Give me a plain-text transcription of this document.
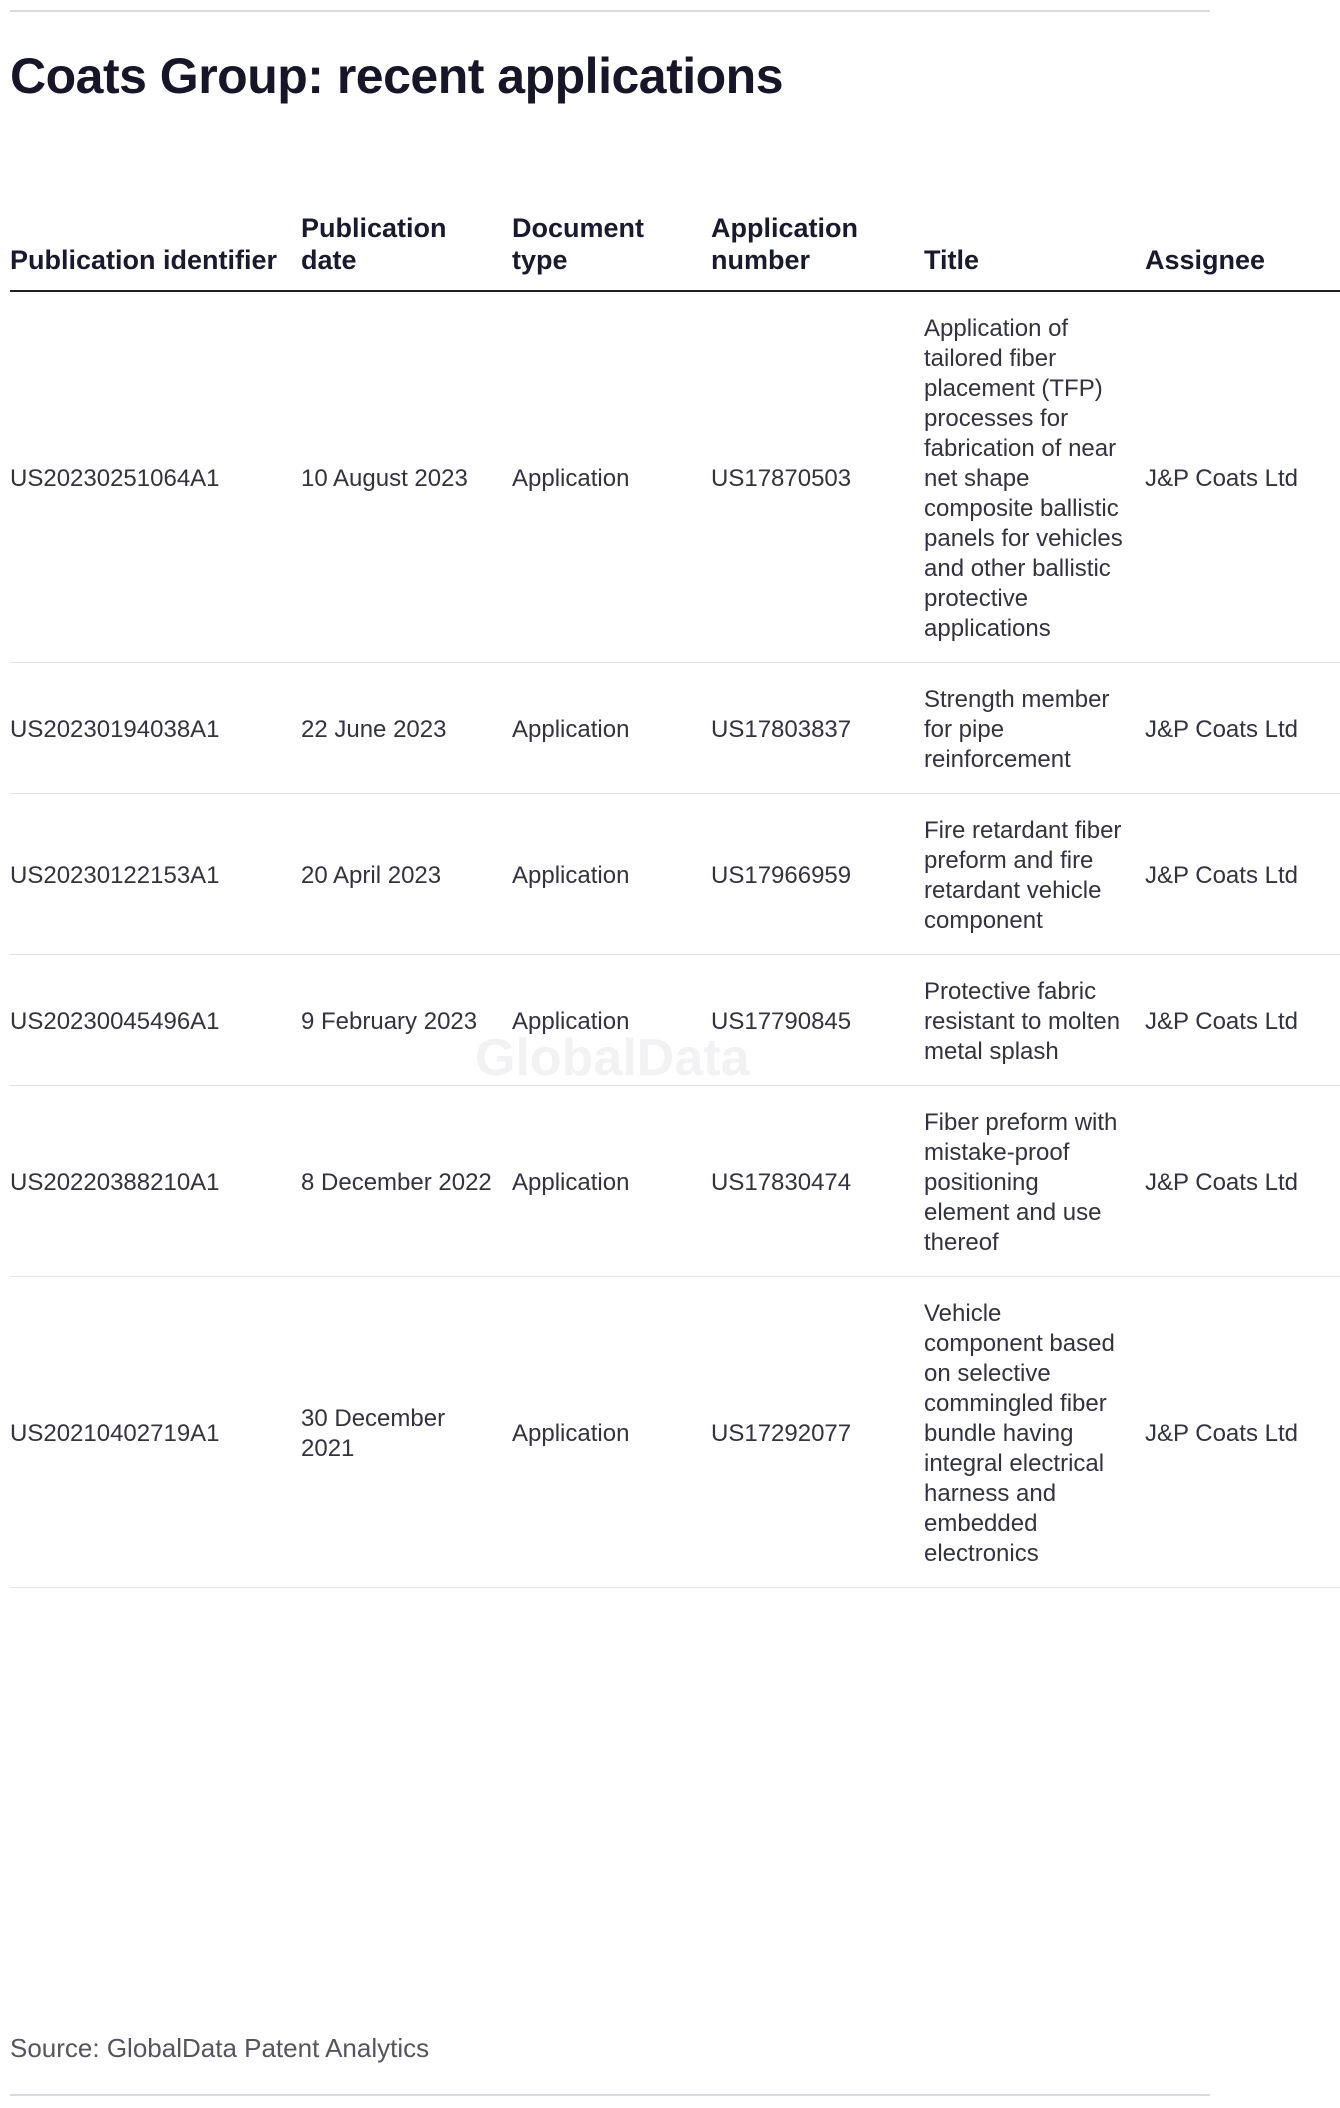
Coats Group: recent applications
GlobalData
Publication identifier	Publication date	Document type	Application number	Title	Assignee
US20230251064A1	10 August 2023	Application	US17870503	Application of tailored fiber placement (TFP) processes for fabrication of near net shape composite ballistic panels for vehicles and other ballistic protective applications	J&P Coats Ltd
US20230194038A1	22 June 2023	Application	US17803837	Strength member for pipe reinforcement	J&P Coats Ltd
US20230122153A1	20 April 2023	Application	US17966959	Fire retardant fiber preform and fire retardant vehicle component	J&P Coats Ltd
US20230045496A1	9 February 2023	Application	US17790845	Protective fabric resistant to molten metal splash	J&P Coats Ltd
US20220388210A1	8 December 2022	Application	US17830474	Fiber preform with mistake-proof positioning element and use thereof	J&P Coats Ltd
US20210402719A1	30 December 2021	Application	US17292077	Vehicle component based on selective commingled fiber bundle having integral electrical harness and embedded electronics	J&P Coats Ltd
Source: GlobalData Patent Analytics
